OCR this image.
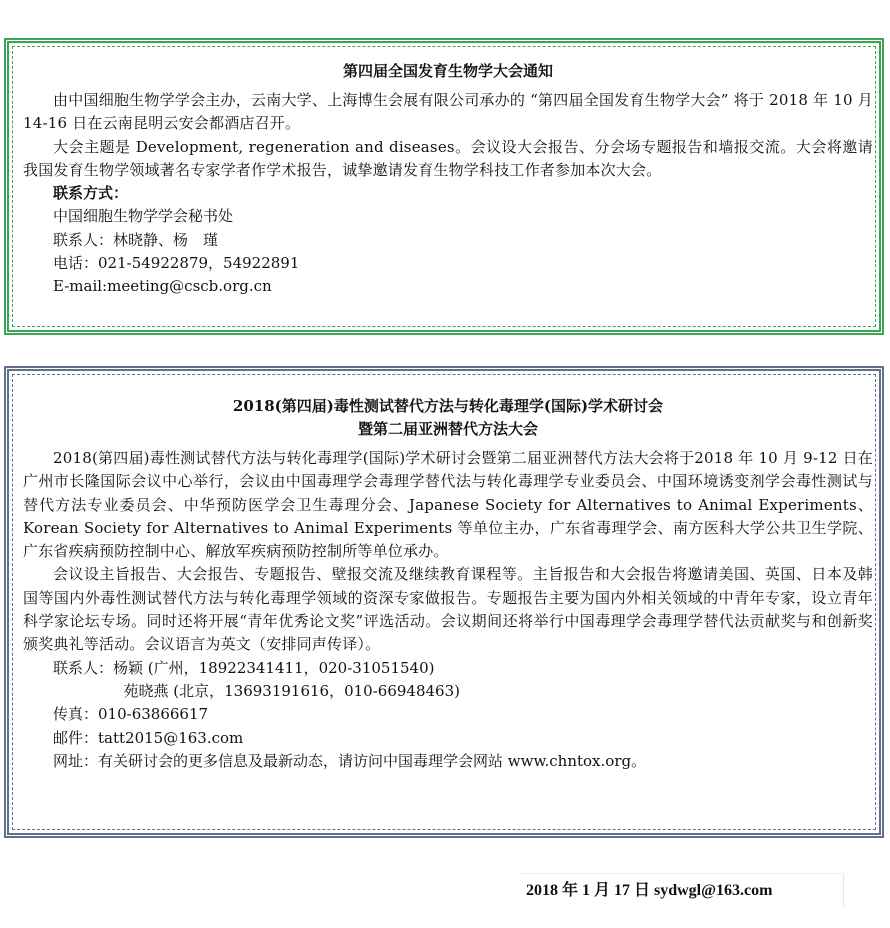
第四届全国发育生物学大会通知

由中国细胞生物学学会主办，云南大学、上海博生会展有限公司承办的 “第四届全国发育生物学大会” 将于 2018 年 10 月 14-16 日在云南昆明云安会都酒店召开。

大会主题是 Development, regeneration and diseases。会议设大会报告、分会场专题报告和墙报交流。大会将邀请我国发育生物学领域著名专家学者作学术报告，诚挚邀请发育生物学科技工作者参加本次大会。

联系方式：
中国细胞生物学学会秘书处
联系人：林晓静、杨　瑾
电话：021-54922879，54922891
E-mail:meeting@cscb.org.cn
2018(第四届)毒性测试替代方法与转化毒理学(国际)学术研讨会
暨第二届亚洲替代方法大会

2018(第四届)毒性测试替代方法与转化毒理学(国际)学术研讨会暨第二届亚洲替代方法大会将于2018 年 10 月 9-12 日在广州市长隆国际会议中心举行，会议由中国毒理学会毒理学替代法与转化毒理学专业委员会、中国环境诱变剂学会毒性测试与替代方法专业委员会、中华预防医学会卫生毒理分会、Japanese Society for Alternatives to Animal Experiments、Korean Society for Alternatives to Animal Experiments 等单位主办，广东省毒理学会、南方医科大学公共卫生学院、广东省疾病预防控制中心、解放军疾病预防控制所等单位承办。

会议设主旨报告、大会报告、专题报告、壁报交流及继续教育课程等。主旨报告和大会报告将邀请美国、英国、日本及韩国等国内外毒性测试替代方法与转化毒理学领域的资深专家做报告。专题报告主要为国内外相关领域的中青年专家，设立青年科学家论坛专场。同时还将开展“青年优秀论文奖”评选活动。会议期间还将举行中国毒理学会毒理学替代法贡献奖与和创新奖颁奖典礼等活动。会议语言为英文（安排同声传译）。

联系人：杨颖 (广州，18922341411，020-31051540)
苑晓燕 (北京，13693191616，010-66948463)
传真：010-63866617
邮件：tatt2015@163.com
网址：有关研讨会的更多信息及最新动态，请访问中国毒理学会网站 www.chntox.org。
2018 年 1 月 17 日 sydwgl@163.com
